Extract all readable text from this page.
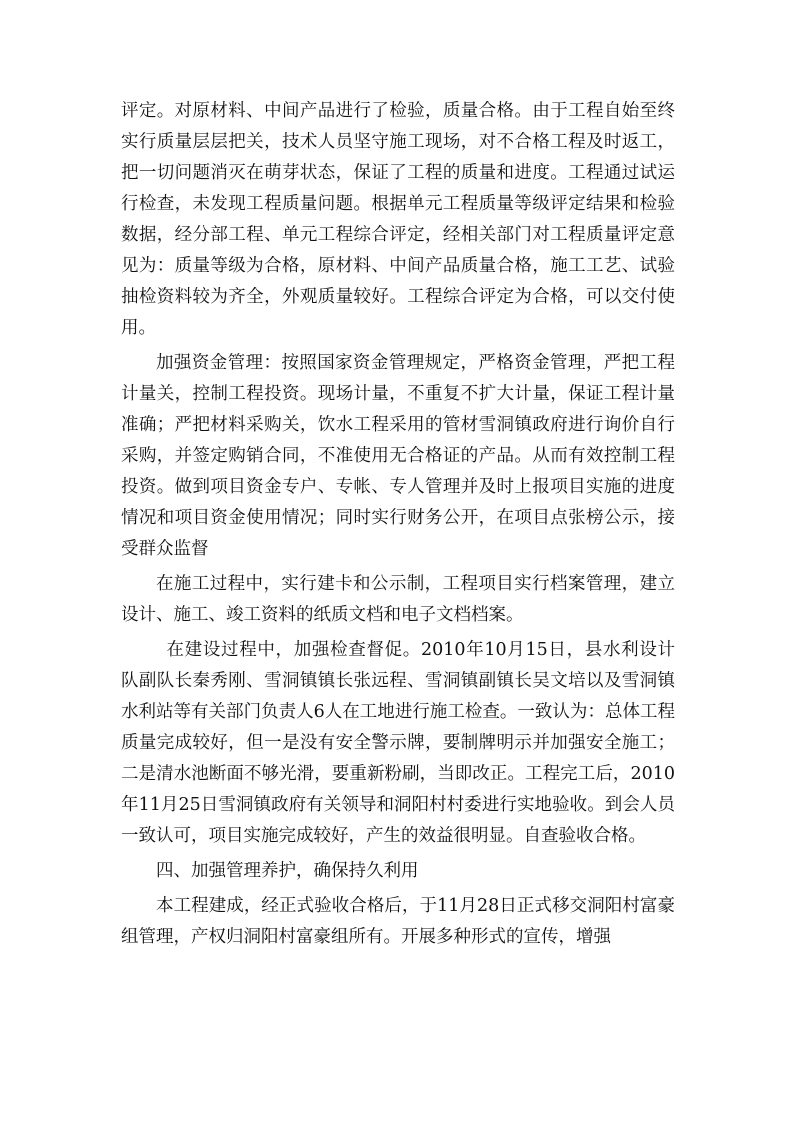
评定。对原材料、中间产品进行了检验，质量合格。由于工程自始至终实行质量层层把关，技术人员坚守施工现场，对不合格工程及时返工，把一切问题消灭在萌芽状态，保证了工程的质量和进度。工程通过试运行检查，未发现工程质量问题。根据单元工程质量等级评定结果和检验数据，经分部工程、单元工程综合评定，经相关部门对工程质量评定意见为：质量等级为合格，原材料、中间产品质量合格，施工工艺、试验抽检资料较为齐全，外观质量较好。工程综合评定为合格，可以交付使用。

加强资金管理：按照国家资金管理规定，严格资金管理，严把工程计量关，控制工程投资。现场计量，不重复不扩大计量，保证工程计量准确；严把材料采购关，饮水工程采用的管材雪洞镇政府进行询价自行采购，并签定购销合同，不准使用无合格证的产品。从而有效控制工程投资。做到项目资金专户、专帐、专人管理并及时上报项目实施的进度情况和项目资金使用情况；同时实行财务公开，在项目点张榜公示，接受群众监督

在施工过程中，实行建卡和公示制，工程项目实行档案管理，建立设计、施工、竣工资料的纸质文档和电子文档档案。

在建设过程中，加强检查督促。2010年10月15日，县水利设计队副队长秦秀刚、雪洞镇镇长张远程、雪洞镇副镇长吴文培以及雪洞镇水利站等有关部门负责人6人在工地进行施工检查。一致认为：总体工程质量完成较好，但一是没有安全警示牌，要制牌明示并加强安全施工；二是清水池断面不够光滑，要重新粉刷，当即改正。工程完工后，2010年11月25日雪洞镇政府有关领导和洞阳村村委进行实地验收。到会人员一致认可，项目实施完成较好，产生的效益很明显。自查验收合格。

四、加强管理养护，确保持久利用

本工程建成，经正式验收合格后，于11月28日正式移交洞阳村富豪组管理，产权归洞阳村富豪组所有。开展多种形式的宣传，增强
